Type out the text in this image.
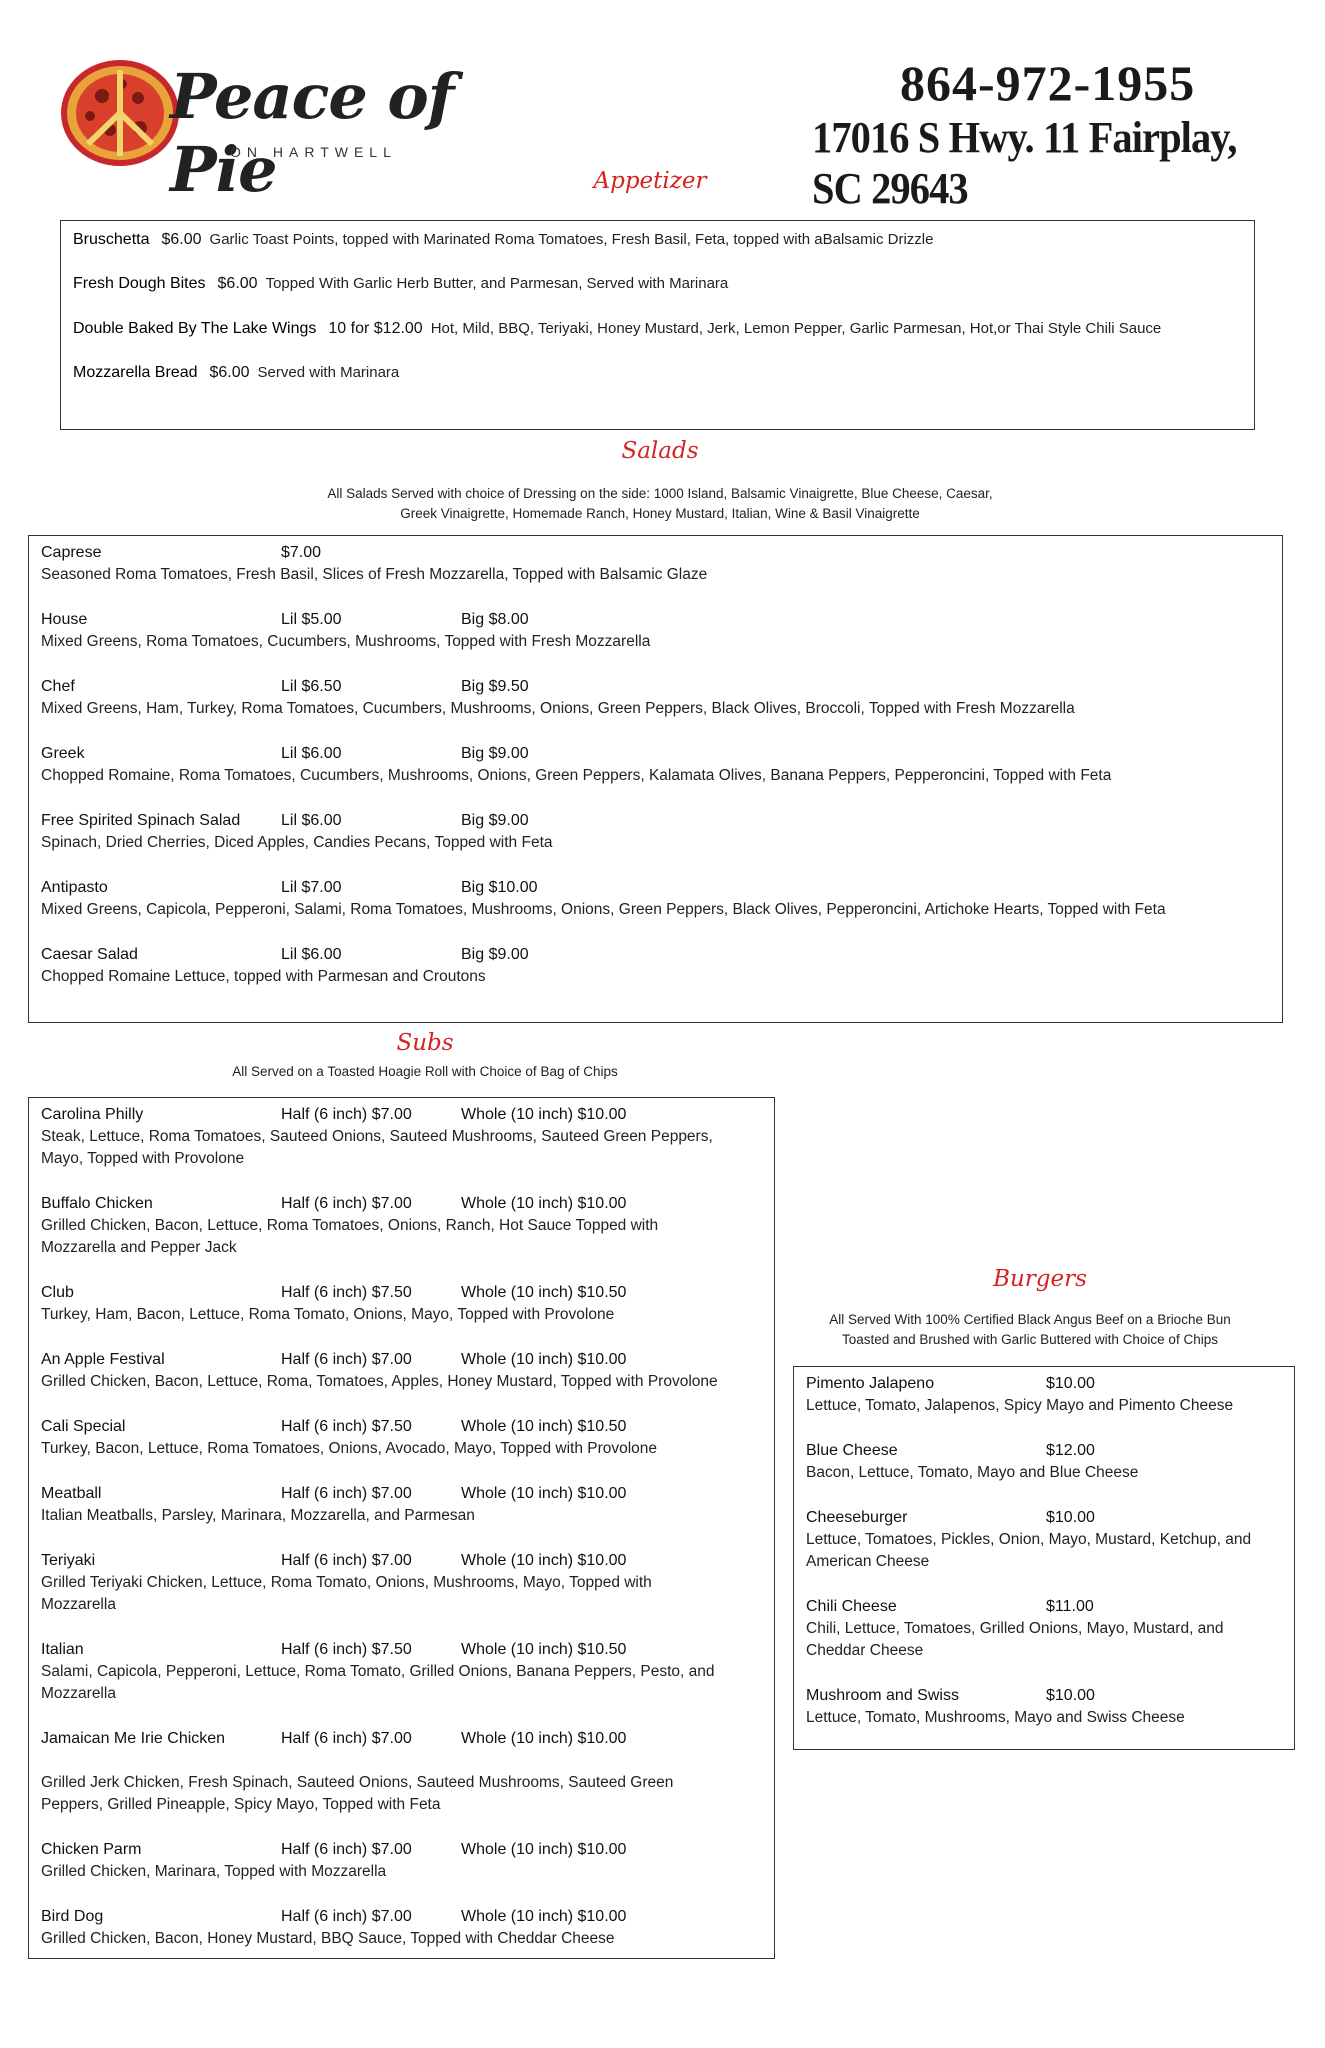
Peace of Pie
ON HARTWELL
864-972-1955
17016 S Hwy. 11 Fairplay, SC 29643
Appetizer
Bruschetta $6.00 Garlic Toast Points, topped with Marinated Roma Tomatoes, Fresh Basil, Feta, topped with aBalsamic Drizzle
Fresh Dough Bites $6.00 Topped With Garlic Herb Butter, and Parmesan, Served with Marinara
Double Baked By The Lake Wings 10 for $12.00 Hot, Mild, BBQ, Teriyaki, Honey Mustard, Jerk, Lemon Pepper, Garlic Parmesan, Hot,or Thai Style Chili Sauce
Mozzarella Bread $6.00 Served with Marinara
Salads
All Salads Served with choice of Dressing on the side: 1000 Island, Balsamic Vinaigrette, Blue Cheese, Caesar,
Greek Vinaigrette, Homemade Ranch, Honey Mustard, Italian, Wine & Basil Vinaigrette
Caprese	$7.00
Seasoned Roma Tomatoes, Fresh Basil, Slices of Fresh Mozzarella, Topped with Balsamic Glaze
House	Lil $5.00	Big $8.00
Mixed Greens, Roma Tomatoes, Cucumbers, Mushrooms, Topped with Fresh Mozzarella
Chef	Lil $6.50	Big $9.50
Mixed Greens, Ham, Turkey, Roma Tomatoes, Cucumbers, Mushrooms, Onions, Green Peppers, Black Olives, Broccoli, Topped with Fresh Mozzarella
Greek	Lil $6.00	Big $9.00
Chopped Romaine, Roma Tomatoes, Cucumbers, Mushrooms, Onions, Green Peppers, Kalamata Olives, Banana Peppers, Pepperoncini, Topped with Feta
Free Spirited Spinach Salad	Lil $6.00	Big $9.00
Spinach, Dried Cherries, Diced Apples, Candies Pecans, Topped with Feta
Antipasto	Lil $7.00	Big $10.00
Mixed Greens, Capicola, Pepperoni, Salami, Roma Tomatoes, Mushrooms, Onions, Green Peppers, Black Olives, Pepperoncini, Artichoke Hearts, Topped with Feta
Caesar Salad	Lil $6.00	Big $9.00
Chopped Romaine Lettuce, topped with Parmesan and Croutons
Subs
All Served on a Toasted Hoagie Roll with Choice of Bag of Chips
Carolina Philly	Half (6 inch) $7.00	Whole (10 inch) $10.00
Steak, Lettuce, Roma Tomatoes, Sauteed Onions, Sauteed Mushrooms, Sauteed Green Peppers,
Mayo, Topped with Provolone
Buffalo Chicken	Half (6 inch) $7.00	Whole (10 inch) $10.00
Grilled Chicken, Bacon, Lettuce, Roma Tomatoes, Onions, Ranch, Hot Sauce Topped with
Mozzarella and Pepper Jack
Club	Half (6 inch) $7.50	Whole (10 inch) $10.50
Turkey, Ham, Bacon, Lettuce, Roma Tomato, Onions, Mayo, Topped with Provolone
An Apple Festival	Half (6 inch) $7.00	Whole (10 inch) $10.00
Grilled Chicken, Bacon, Lettuce, Roma, Tomatoes, Apples, Honey Mustard, Topped with Provolone
Cali Special	Half (6 inch) $7.50	Whole (10 inch) $10.50
Turkey, Bacon, Lettuce, Roma Tomatoes, Onions, Avocado, Mayo, Topped with Provolone
Meatball	Half (6 inch) $7.00	Whole (10 inch) $10.00
Italian Meatballs, Parsley, Marinara, Mozzarella, and Parmesan
Teriyaki	Half (6 inch) $7.00	Whole (10 inch) $10.00
Grilled Teriyaki Chicken, Lettuce, Roma Tomato, Onions, Mushrooms, Mayo, Topped with
Mozzarella
Italian	Half (6 inch) $7.50	Whole (10 inch) $10.50
Salami, Capicola, Pepperoni, Lettuce, Roma Tomato, Grilled Onions, Banana Peppers, Pesto, and
Mozzarella
Jamaican Me Irie Chicken	Half (6 inch) $7.00	Whole (10 inch) $10.00
Grilled Jerk Chicken, Fresh Spinach, Sauteed Onions, Sauteed Mushrooms, Sauteed Green
Peppers, Grilled Pineapple, Spicy Mayo, Topped with Feta
Chicken Parm	Half (6 inch) $7.00	Whole (10 inch) $10.00
Grilled Chicken, Marinara, Topped with Mozzarella
Bird Dog	Half (6 inch) $7.00	Whole (10 inch) $10.00
Grilled Chicken, Bacon, Honey Mustard, BBQ Sauce, Topped with Cheddar Cheese
Burgers
All Served With 100% Certified Black Angus Beef on a Brioche Bun
Toasted and Brushed with Garlic Buttered with Choice of Chips
Pimento Jalapeno	$10.00
Lettuce, Tomato, Jalapenos, Spicy Mayo and Pimento Cheese
Blue Cheese	$12.00
Bacon, Lettuce, Tomato, Mayo and Blue Cheese
Cheeseburger	$10.00
Lettuce, Tomatoes, Pickles, Onion, Mayo, Mustard, Ketchup, and
American Cheese
Chili Cheese	$11.00
Chili, Lettuce, Tomatoes, Grilled Onions, Mayo, Mustard, and
Cheddar Cheese
Mushroom and Swiss	$10.00
Lettuce, Tomato, Mushrooms, Mayo and Swiss Cheese
